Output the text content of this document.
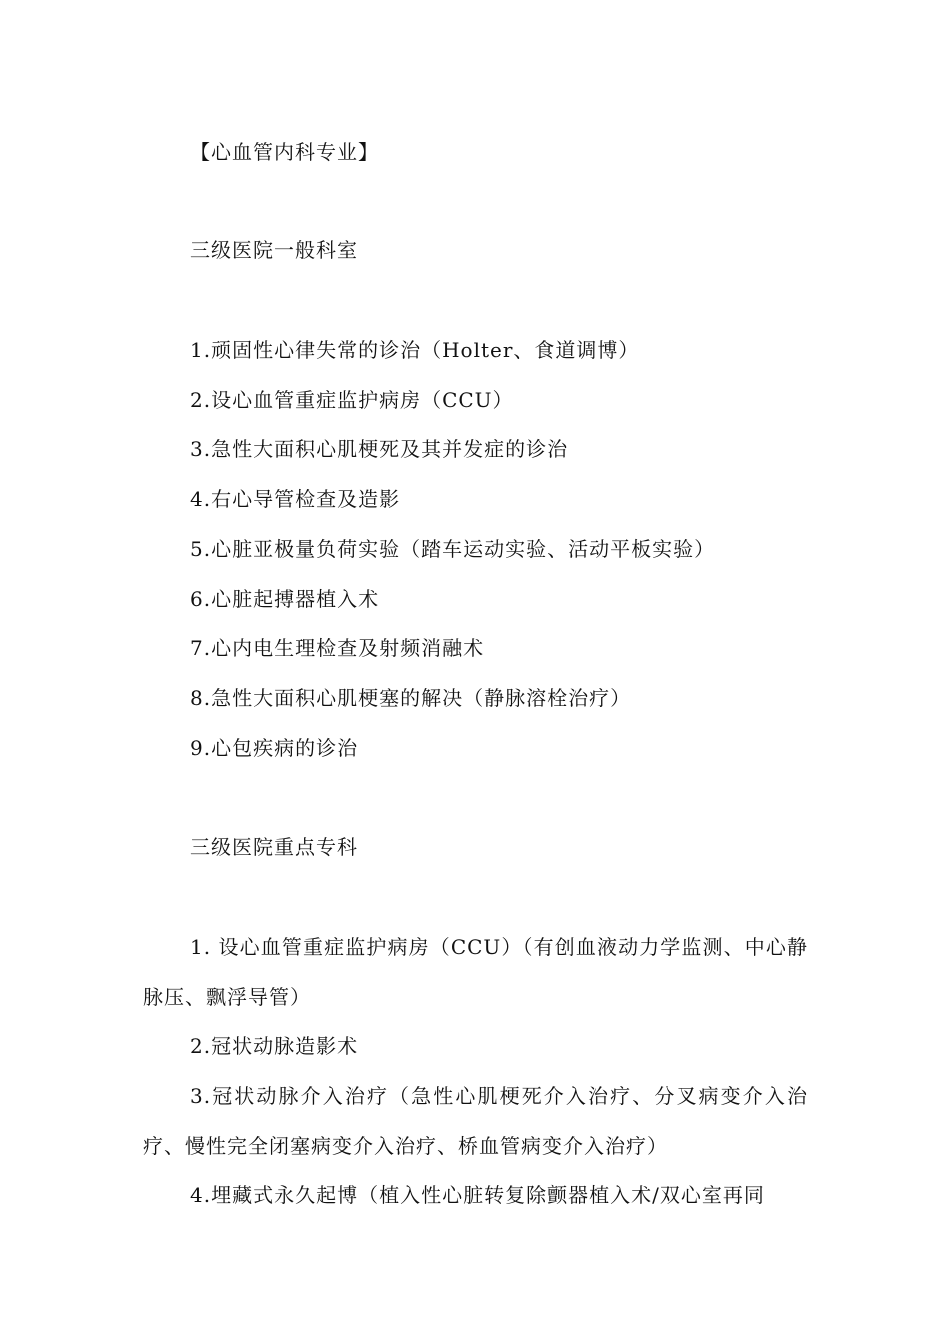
【心血管内科专业】

三级医院一般科室

1.顽固性心律失常的诊治（Holter、食道调博）

2.设心血管重症监护病房（CCU）

3.急性大面积心肌梗死及其并发症的诊治

4.右心导管检查及造影

5.心脏亚极量负荷实验（踏车运动实验、活动平板实验）

6.心脏起搏器植入术

7.心内电生理检查及射频消融术

8.急性大面积心肌梗塞的解决（静脉溶栓治疗）

9.心包疾病的诊治

三级医院重点专科

1. 设心血管重症监护病房（CCU）（有创血液动力学监测、中心静脉压、飘浮导管）

2.冠状动脉造影术

3.冠状动脉介入治疗（急性心肌梗死介入治疗、分叉病变介入治疗、慢性完全闭塞病变介入治疗、桥血管病变介入治疗）

4.埋藏式永久起博（植入性心脏转复除颤器植入术/双心室再同
